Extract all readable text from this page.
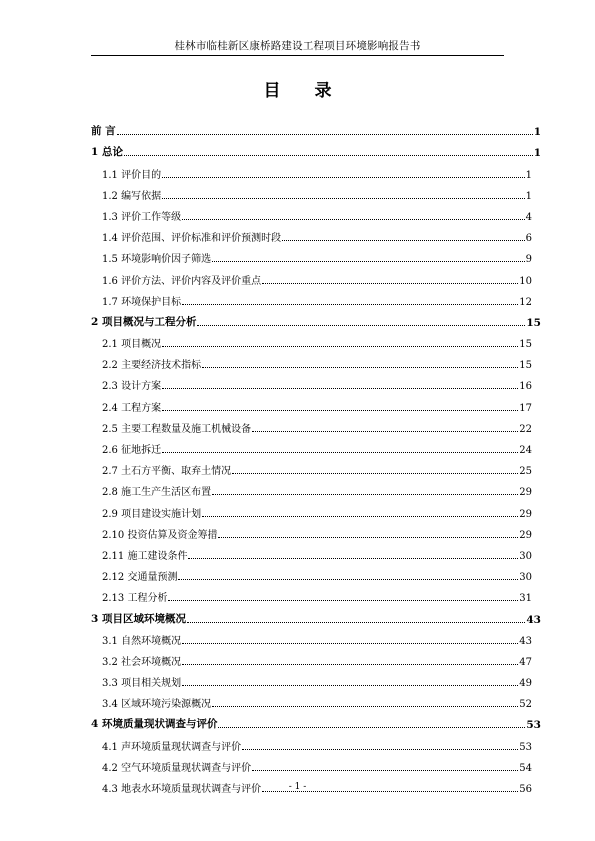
桂林市临桂新区康桥路建设工程项目环境影响报告书
目 录
前 言	1
1 总论	1
1.1 评价目的	1
1.2 编写依据	1
1.3 评价工作等级	4
1.4 评价范围、评价标准和评价预测时段	6
1.5 环境影响价因子筛选	9
1.6 评价方法、评价内容及评价重点	10
1.7 环境保护目标	12
2 项目概况与工程分析	15
2.1 项目概况	15
2.2 主要经济技术指标	15
2.3 设计方案	16
2.4 工程方案	17
2.5 主要工程数量及施工机械设备	22
2.6 征地拆迁	24
2.7 土石方平衡、取弃土情况	25
2.8 施工生产生活区布置	29
2.9 项目建设实施计划	29
2.10 投资估算及资金筹措	29
2.11 施工建设条件	30
2.12 交通量预测	30
2.13 工程分析	31
3 项目区域环境概况	43
3.1 自然环境概况	43
3.2 社会环境概况	47
3.3 项目相关规划	49
3.4 区域环境污染源概况	52
4 环境质量现状调查与评价	53
4.1 声环境质量现状调查与评价	53
4.2 空气环境质量现状调查与评价	54
4.3 地表水环境质量现状调查与评价	56
- 1 -
